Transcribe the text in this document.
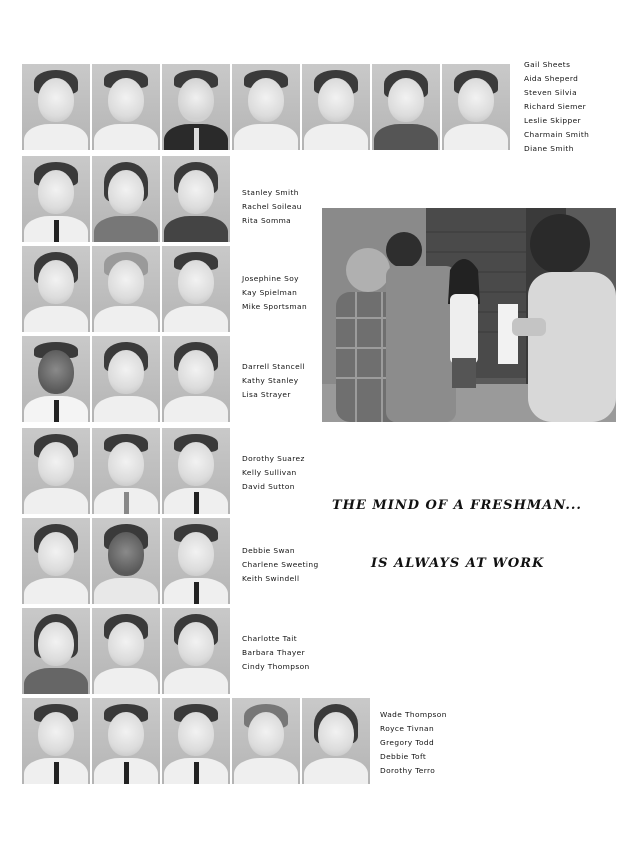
Gail Sheets
Aida Sheperd
Steven Silvia
Richard Siemer
Leslie Skipper
Charmain Smith
Diane Smith
Stanley Smith
Rachel Soileau
Rita Somma
Josephine Soy
Kay Spielman
Mike Sportsman
Darrell Stancell
Kathy Stanley
Lisa Strayer
Dorothy Suarez
Kelly Sullivan
David Sutton
Debbie Swan
Charlene Sweeting
Keith Swindell
Charlotte Tait
Barbara Thayer
Cindy Thompson
Wade Thompson
Royce Tivnan
Gregory Todd
Debbie Toft
Dorothy Terro
THE MIND OF A FRESHMAN...
IS ALWAYS AT WORK
